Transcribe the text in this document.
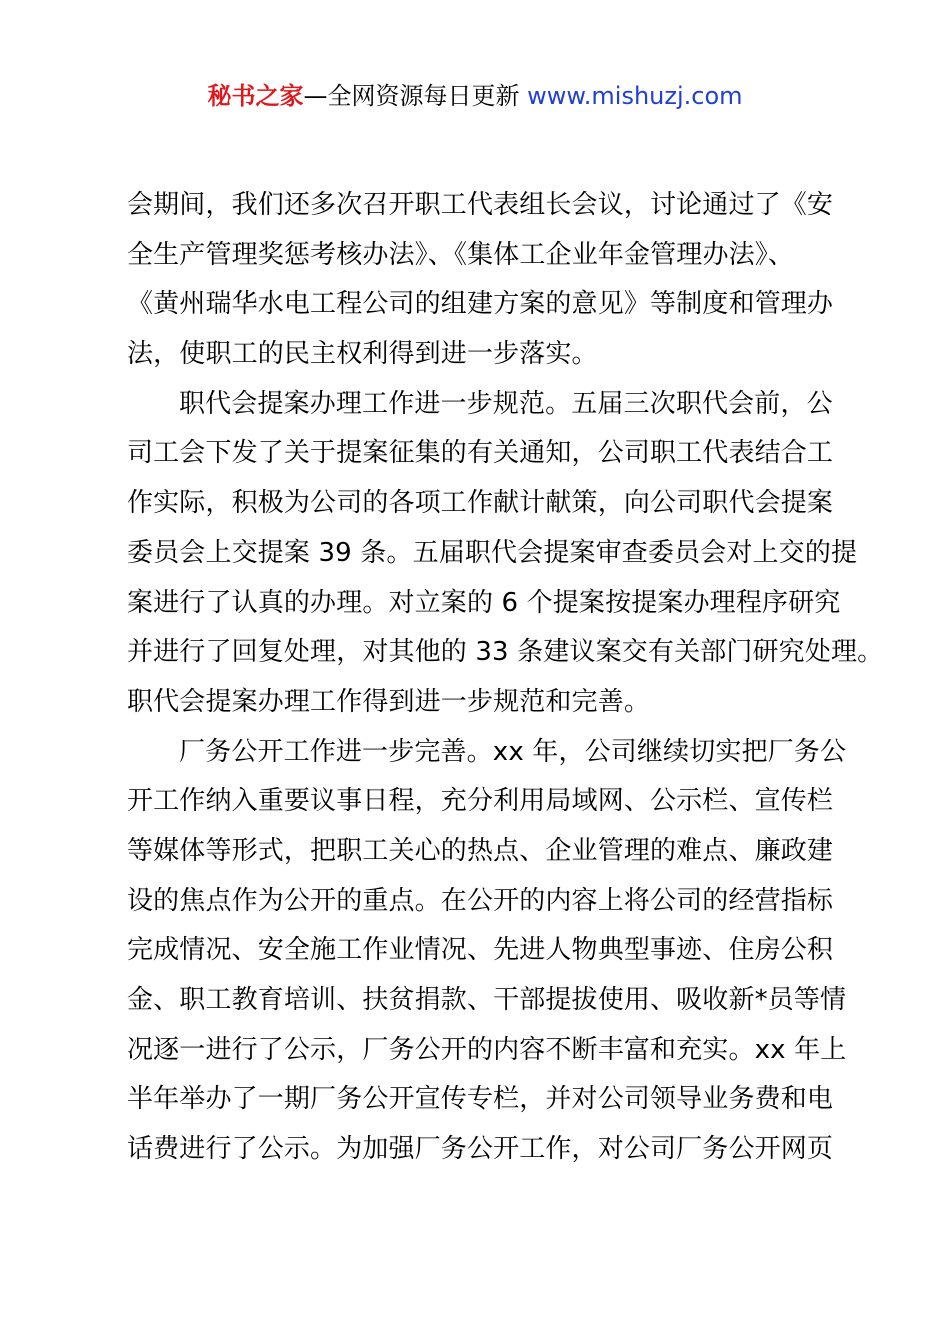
秘书之家—全网资源每日更新 www.mishuzj.com
会期间，我们还多次召开职工代表组长会议，讨论通过了《安
全生产管理奖惩考核办法》、《集体工企业年金管理办法》、
《黄州瑞华水电工程公司的组建方案的意见》等制度和管理办
法，使职工的民主权利得到进一步落实。
职代会提案办理工作进一步规范。五届三次职代会前，公
司工会下发了关于提案征集的有关通知，公司职工代表结合工
作实际，积极为公司的各项工作献计献策，向公司职代会提案
委员会上交提案 39 条。五届职代会提案审查委员会对上交的提
案进行了认真的办理。对立案的 6 个提案按提案办理程序研究
并进行了回复处理，对其他的 33 条建议案交有关部门研究处理。
职代会提案办理工作得到进一步规范和完善。
厂务公开工作进一步完善。xx 年，公司继续切实把厂务公
开工作纳入重要议事日程，充分利用局域网、公示栏、宣传栏
等媒体等形式，把职工关心的热点、企业管理的难点、廉政建
设的焦点作为公开的重点。在公开的内容上将公司的经营指标
完成情况、安全施工作业情况、先进人物典型事迹、住房公积
金、职工教育培训、扶贫捐款、干部提拔使用、吸收新*员等情
况逐一进行了公示，厂务公开的内容不断丰富和充实。xx 年上
半年举办了一期厂务公开宣传专栏，并对公司领导业务费和电
话费进行了公示。为加强厂务公开工作，对公司厂务公开网页
